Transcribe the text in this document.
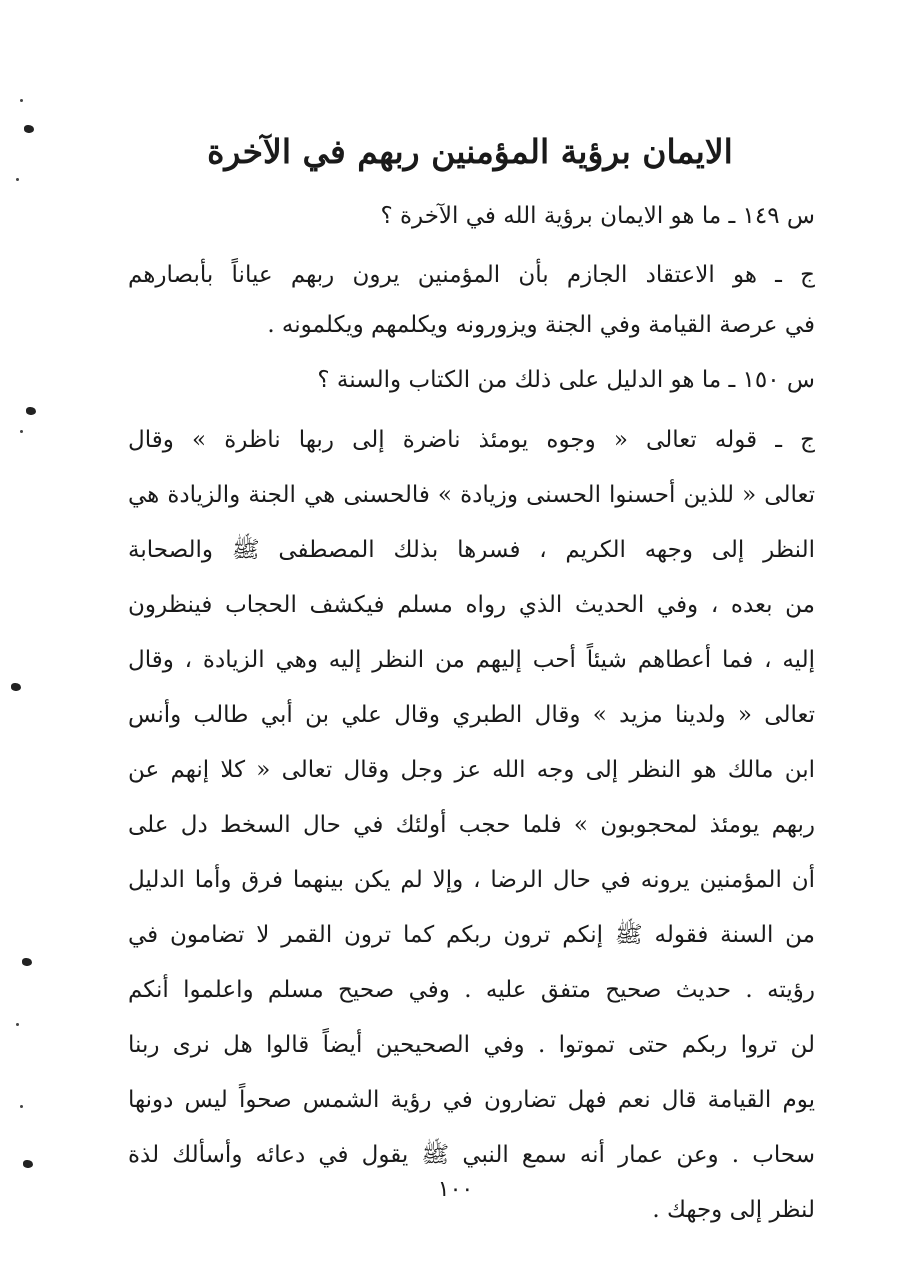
الايمان برؤية المؤمنين ربهم في الآخرة
س ١٤٩ ـ ما هو الايمان برؤية الله في الآخرة ؟
ج ـ هو الاعتقاد الجازم بأن المؤمنين يرون ربهم عياناً بأبصارهم
في عرصة القيامة وفي الجنة ويزورونه ويكلمهم ويكلمونه .
س ١٥٠ ـ ما هو الدليل على ذلك من الكتاب والسنة ؟
ج ـ قوله تعالى « وجوه يومئذ ناضرة إلى ربها ناظرة » وقال
تعالى « للذين أحسنوا الحسنى وزيادة » فالحسنى هي الجنة والزيادة هي
النظر إلى وجهه الكريم ، فسرها بذلك المصطفى ﷺ والصحابة
من بعده ، وفي الحديث الذي رواه مسلم فيكشف الحجاب فينظرون
إليه ، فما أعطاهم شيئاً أحب إليهم من النظر إليه وهي الزيادة ، وقال
تعالى « ولدينا مزيد » وقال الطبري وقال علي بن أبي طالب وأنس
ابن مالك هو النظر إلى وجه الله عز وجل وقال تعالى « كلا إنهم عن
ربهم يومئذ لمحجوبون » فلما حجب أولئك في حال السخط دل على
أن المؤمنين يرونه في حال الرضا ، وإلا لم يكن بينهما فرق وأما الدليل
من السنة فقوله ﷺ إنكم ترون ربكم كما ترون القمر لا تضامون في
رؤيته . حديث صحيح متفق عليه . وفي صحيح مسلم واعلموا أنكم
لن تروا ربكم حتى تموتوا . وفي الصحيحين أيضاً قالوا هل نرى ربنا
يوم القيامة قال نعم فهل تضارون في رؤية الشمس صحواً ليس دونها
سحاب . وعن عمار أنه سمع النبي ﷺ يقول في دعائه وأسألك لذة
لنظر إلى وجهك .
١٠٠
